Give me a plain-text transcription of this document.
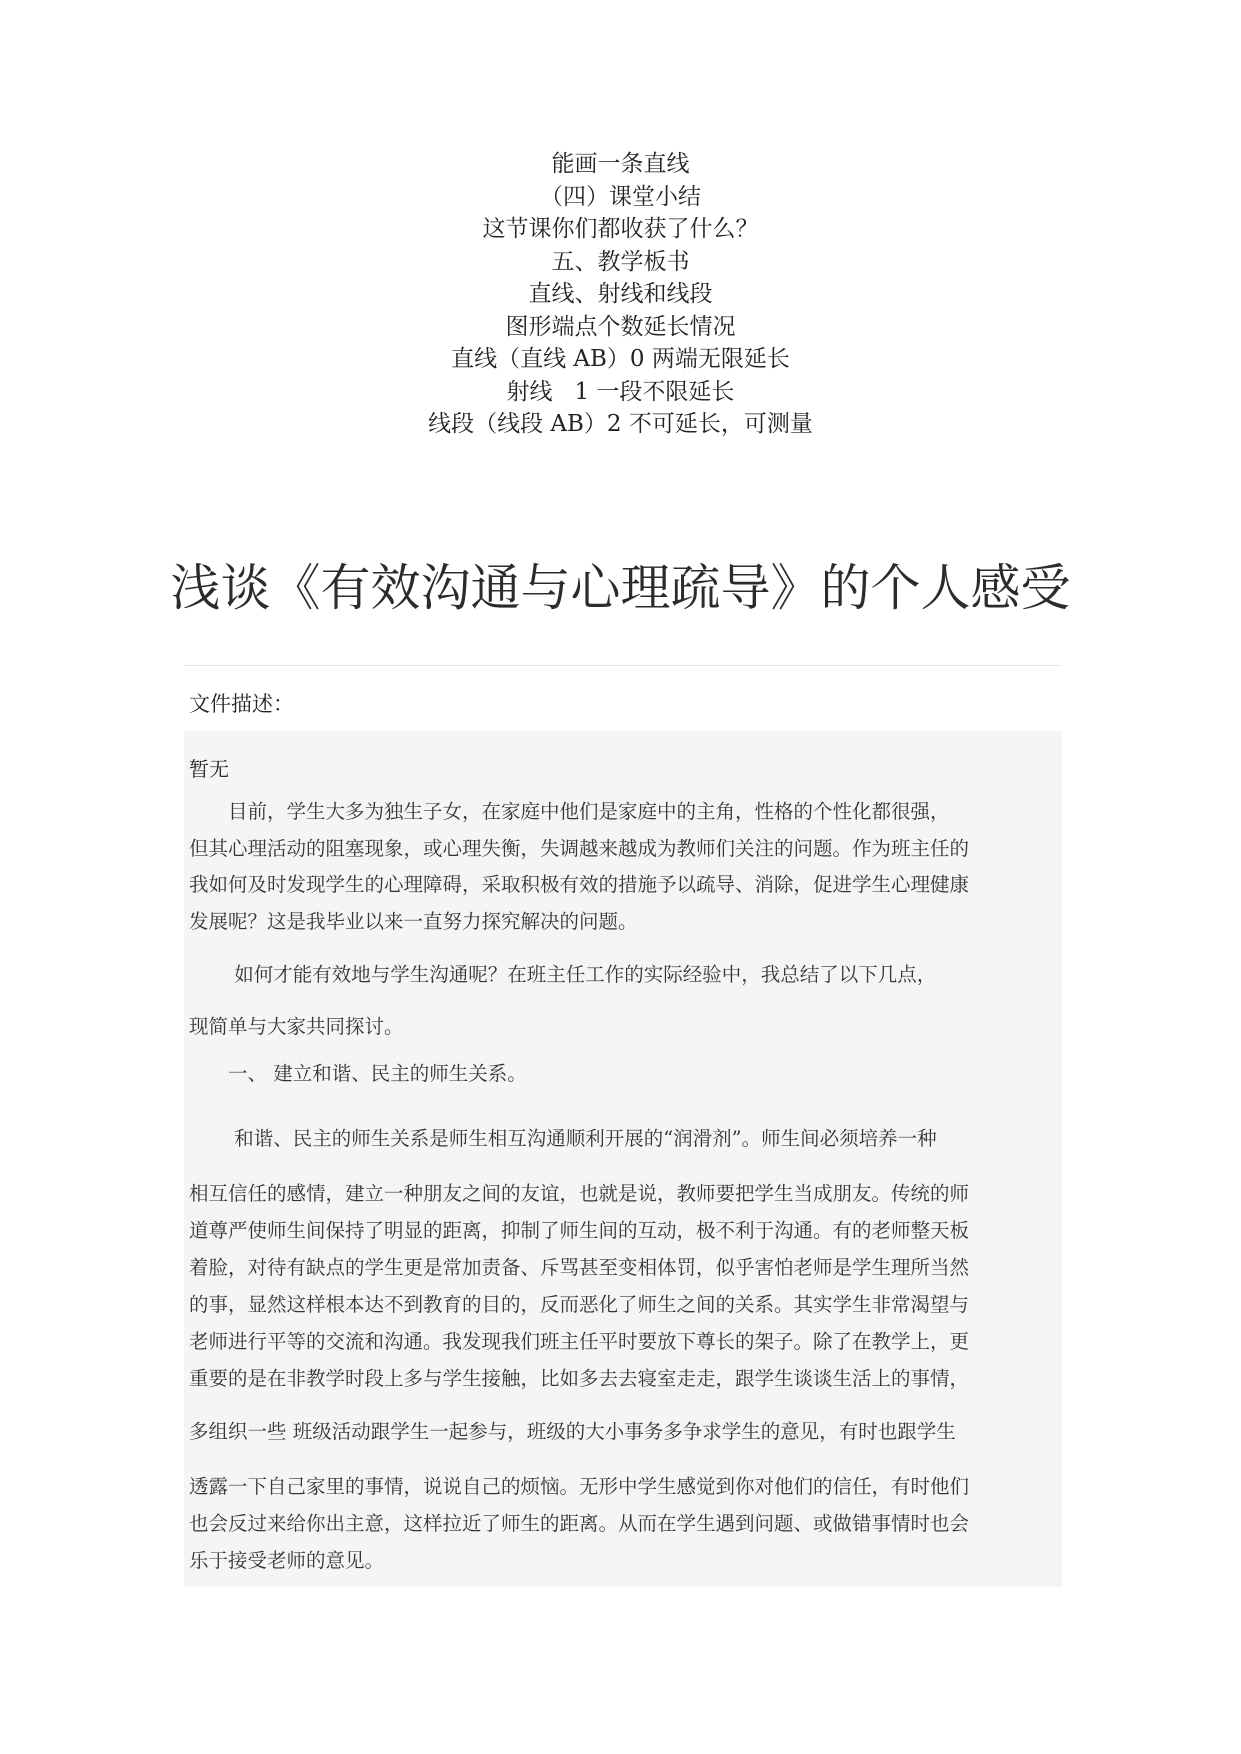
能画一条直线
（四）课堂小结
这节课你们都收获了什么？
五、教学板书
直线、射线和线段
图形端点个数延长情况
直线（直线 AB）0 两端无限延长
射线   1 一段不限延长
线段（线段 AB）2 不可延长，可测量
浅谈《有效沟通与心理疏导》的个人感受
文件描述：
暂无
　　目前，学生大多为独生子女，在家庭中他们是家庭中的主角，性格的个性化都很强，
但其心理活动的阻塞现象，或心理失衡，失调越来越成为教师们关注的问题。作为班主任的
我如何及时发现学生的心理障碍，采取积极有效的措施予以疏导、消除，促进学生心理健康
发展呢？这是我毕业以来一直努力探究解决的问题。
　　 如何才能有效地与学生沟通呢？在班主任工作的实际经验中，我总结了以下几点，
现简单与大家共同探讨。
　　一、 建立和谐、民主的师生关系。
　　 和谐、民主的师生关系是师生相互沟通顺利开展的“润滑剂”。师生间必须培养一种
相互信任的感情，建立一种朋友之间的友谊，也就是说，教师要把学生当成朋友。传统的师
道尊严使师生间保持了明显的距离，抑制了师生间的互动，极不利于沟通。有的老师整天板
着脸，对待有缺点的学生更是常加责备、斥骂甚至变相体罚，似乎害怕老师是学生理所当然
的事，显然这样根本达不到教育的目的，反而恶化了师生之间的关系。其实学生非常渴望与
老师进行平等的交流和沟通。我发现我们班主任平时要放下尊长的架子。除了在教学上，更
重要的是在非教学时段上多与学生接触，比如多去去寝室走走，跟学生谈谈生活上的事情，
多组织一些 班级活动跟学生一起参与，班级的大小事务多争求学生的意见，有时也跟学生
透露一下自己家里的事情，说说自己的烦恼。无形中学生感觉到你对他们的信任，有时他们
也会反过来给你出主意，这样拉近了师生的距离。从而在学生遇到问题、或做错事情时也会
乐于接受老师的意见。
